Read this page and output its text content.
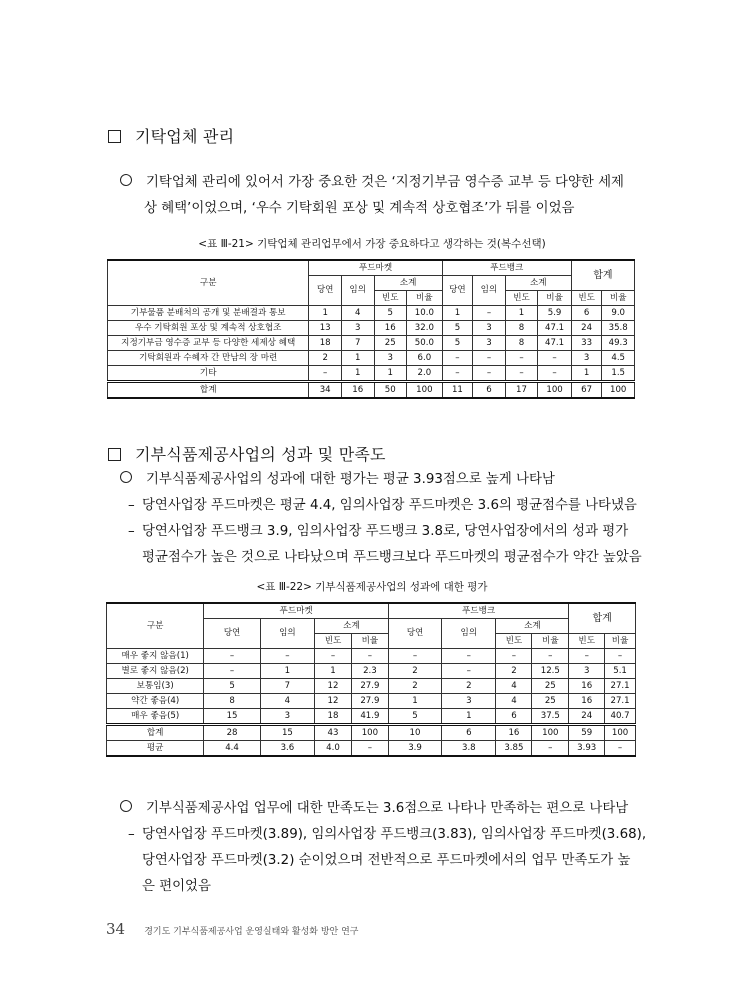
기탁업체 관리
기탁업체 관리에 있어서 가장 중요한 것은 ‘지정기부금 영수증 교부 등 다양한 세제
상 혜택’이었으며, ‘우수 기탁회원 포상 및 계속적 상호협조’가 뒤를 이었음
<표 Ⅲ-21> 기탁업체 관리업무에서 가장 중요하다고 생각하는 것(복수선택)
구분	푸드마켓				푸드뱅크				합계	
	당연	임의	소계		당연	임의	소계			
			빈도	비율			빈도	비율	빈도	비율
기부물품 분배처의 공개 및 분배결과 통보	1	4	5	10.0	1	–	1	5.9	6	9.0
우수 기탁회원 포상 및 계속적 상호협조	13	3	16	32.0	5	3	8	47.1	24	35.8
지정기부금 영수증 교부 등 다양한 세제상 혜택	18	7	25	50.0	5	3	8	47.1	33	49.3
기탁회원과 수혜자 간 만남의 장 마련	2	1	3	6.0	–	–	–	–	3	4.5
기타	–	1	1	2.0	–	–	–	–	1	1.5
합계	34	16	50	100	11	6	17	100	67	100
기부식품제공사업의 성과 및 만족도
기부식품제공사업의 성과에 대한 평가는 평균 3.93점으로 높게 나타남
– 당연사업장 푸드마켓은 평균 4.4, 임의사업장 푸드마켓은 3.6의 평균점수를 나타냈음
– 당연사업장 푸드뱅크 3.9, 임의사업장 푸드뱅크 3.8로, 당연사업장에서의 성과 평가
평균점수가 높은 것으로 나타났으며 푸드뱅크보다 푸드마켓의 평균점수가 약간 높았음
<표 Ⅲ-22> 기부식품제공사업의 성과에 대한 평가
구분	푸드마켓				푸드뱅크				합계	
	당연	임의	소계		당연	임의	소계			
			빈도	비율			빈도	비율	빈도	비율
매우 좋지 않음(1)	–	–	–	–	–	–	–	–	–	–
별로 좋지 않음(2)	–	1	1	2.3	2	–	2	12.5	3	5.1
보통임(3)	5	7	12	27.9	2	2	4	25	16	27.1
약간 좋음(4)	8	4	12	27.9	1	3	4	25	16	27.1
매우 좋음(5)	15	3	18	41.9	5	1	6	37.5	24	40.7
합계	28	15	43	100	10	6	16	100	59	100
평균	4.4	3.6	4.0	–	3.9	3.8	3.85	–	3.93	–
기부식품제공사업 업무에 대한 만족도는 3.6점으로 나타나 만족하는 편으로 나타남
– 당연사업장 푸드마켓(3.89), 임의사업장 푸드뱅크(3.83), 임의사업장 푸드마켓(3.68),
당연사업장 푸드마켓(3.2) 순이었으며 전반적으로 푸드마켓에서의 업무 만족도가 높
은 편이었음
34 경기도 기부식품제공사업 운영실태와 활성화 방안 연구
